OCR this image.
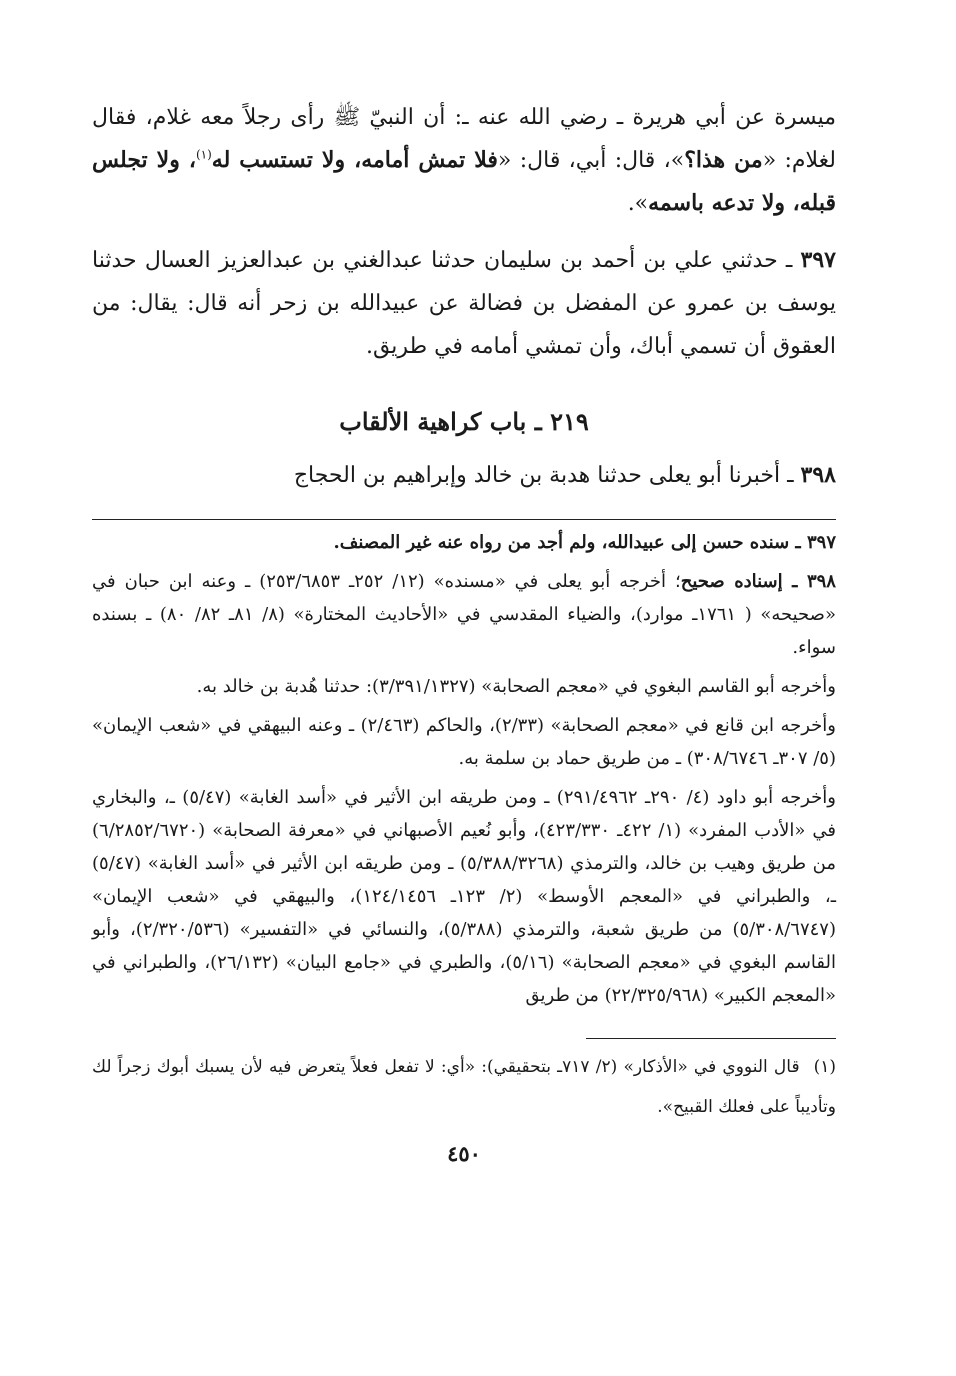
ميسرة عن أبي هريرة ـ رضي الله عنه ـ: أن النبيّ ﷺ رأى رجلاً معه غلام، فقال لغلام: «من هذا؟»، قال: أبي، قال: «فلا تمش أمامه، ولا تستسب له$^{(١)}$، ولا تجلس قبله، ولا تدعه باسمه».

٣٩٧ ـ حدثني علي بن أحمد بن سليمان حدثنا عبدالغني بن عبدالعزيز العسال حدثنا يوسف بن عمرو عن المفضل بن فضالة عن عبيدالله بن زحر أنه قال: يقال: من العقوق أن تسمي أباك، وأن تمشي أمامه في طريق.

٢١٩ ـ باب كراهية الألقاب

٣٩٨ ـ أخبرنا أبو يعلى حدثنا هدبة بن خالد وإبراهيم بن الحجاج

٣٩٧ ـ سنده حسن إلى عبيدالله، ولم أجد من رواه عنه غير المصنف.

٣٩٨ ـ إسناده صحيح؛ أخرجه أبو يعلى في «مسنده» (١٢/ ٢٥٢ـ ٢٥٣/٦٨٥٣) ـ وعنه ابن حبان في «صحيحه» ( ١٧٦١ـ موارد)، والضياء المقدسي في «الأحاديث المختارة» (٨/ ٨١ـ ٨٢/ ٨٠) ـ بسنده سواء.

وأخرجه أبو القاسم البغوي في «معجم الصحابة» (٣/٣٩١/١٣٢٧): حدثنا هُدبة بن خالد به.

وأخرجه ابن قانع في «معجم الصحابة» (٢/٣٣)، والحاكم (٢/٤٦٣) ـ وعنه البيهقي في «شعب الإيمان» (٥/ ٣٠٧ـ ٣٠٨/٦٧٤٦) ـ من طريق حماد بن سلمة به.

وأخرجه أبو داود (٤/ ٢٩٠ـ ٢٩١/٤٩٦٢) ـ ومن طريقه ابن الأثير في «أسد الغابة» (٥/٤٧) ـ، والبخاري في «الأدب المفرد» (١/ ٤٢٢ـ ٤٢٣/٣٣٠)، وأبو نُعيم الأصبهاني في «معرفة الصحابة» (٦/٢٨٥٢/٦٧٢٠) من طريق وهيب بن خالد، والترمذي (٥/٣٨٨/٣٢٦٨) ـ ومن طريقه ابن الأثير في «أسد الغابة» (٥/٤٧) ـ، والطبراني في «المعجم الأوسط» (٢/ ١٢٣ـ ١٢٤/١٤٥٦)، والبيهقي في «شعب الإيمان» (٥/٣٠٨/٦٧٤٧) من طريق شعبة، والترمذي (٥/٣٨٨)، والنسائي في «التفسير» (٢/٣٢٠/٥٣٦)، وأبو القاسم البغوي في «معجم الصحابة» (٥/١٦)، والطبري في «جامع البيان» (٢٦/١٣٢)، والطبراني في «المعجم الكبير» (٢٢/٣٢٥/٩٦٨) من طريق

(١)قال النووي في «الأذكار» (٢/ ٧١٧ـ بتحقيقي): «أي: لا تفعل فعلاً يتعرض فيه لأن يسبك أبوك زجراً لك وتأديباً على فعلك القبيح».

٤٥٠
